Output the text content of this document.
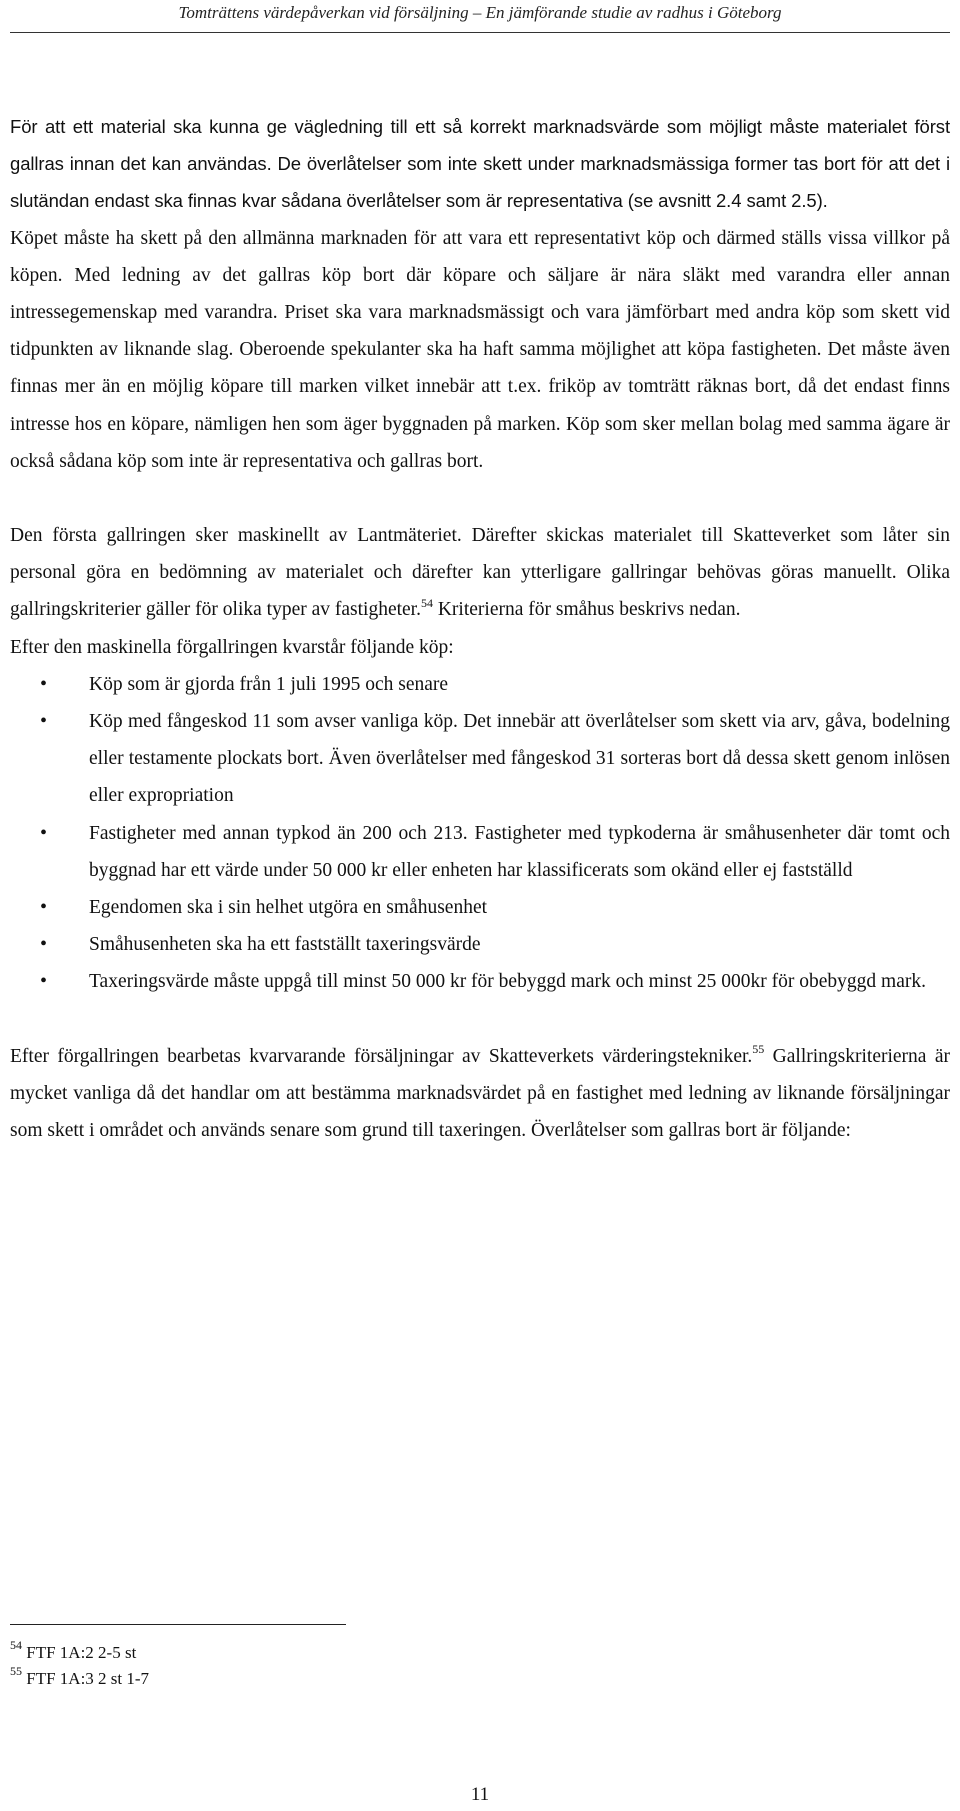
Tomträttens värdepåverkan vid försäljning – En jämförande studie av radhus i Göteborg

För att ett material ska kunna ge vägledning till ett så korrekt marknadsvärde som möjligt måste materialet först gallras innan det kan användas. De överlåtelser som inte skett under marknadsmässiga former tas bort för att det i slutändan endast ska finnas kvar sådana överlåtelser som är representativa (se avsnitt 2.4 samt 2.5).

Köpet måste ha skett på den allmänna marknaden för att vara ett representativt köp och därmed ställs vissa villkor på köpen. Med ledning av det gallras köp bort där köpare och säljare är nära släkt med varandra eller annan intressegemenskap med varandra. Priset ska vara marknadsmässigt och vara jämförbart med andra köp som skett vid tidpunkten av liknande slag. Oberoende spekulanter ska ha haft samma möjlighet att köpa fastigheten. Det måste även finnas mer än en möjlig köpare till marken vilket innebär att t.ex. friköp av tomträtt räknas bort, då det endast finns intresse hos en köpare, nämligen hen som äger byggnaden på marken. Köp som sker mellan bolag med samma ägare är också sådana köp som inte är representativa och gallras bort.

Den första gallringen sker maskinellt av Lantmäteriet. Därefter skickas materialet till Skatteverket som låter sin personal göra en bedömning av materialet och därefter kan ytterligare gallringar behövas göras manuellt. Olika gallringskriterier gäller för olika typer av fastigheter.$^{54}$ Kriterierna för småhus beskrivs nedan.

Efter den maskinella förgallringen kvarstår följande köp:

• Köp som är gjorda från 1 juli 1995 och senare
• Köp med fångeskod 11 som avser vanliga köp. Det innebär att överlåtelser som skett via arv, gåva, bodelning eller testamente plockats bort. Även överlåtelser med fångeskod 31 sorteras bort då dessa skett genom inlösen eller expropriation
• Fastigheter med annan typkod än 200 och 213. Fastigheter med typkoderna är småhusenheter där tomt och byggnad har ett värde under 50 000 kr eller enheten har klassificerats som okänd eller ej fastställd
• Egendomen ska i sin helhet utgöra en småhusenhet
• Småhusenheten ska ha ett fastställt taxeringsvärde
• Taxeringsvärde måste uppgå till minst 50 000 kr för bebyggd mark och minst 25 000kr för obebyggd mark.

Efter förgallringen bearbetas kvarvarande försäljningar av Skatteverkets värderingstekniker.$^{55}$ Gallringskriterierna är mycket vanliga då det handlar om att bestämma marknadsvärdet på en fastighet med ledning av liknande försäljningar som skett i området och används senare som grund till taxeringen. Överlåtelser som gallras bort är följande:

$^{54}$ FTF 1A:2 2-5 st
$^{55}$ FTF 1A:3 2 st 1-7
11
